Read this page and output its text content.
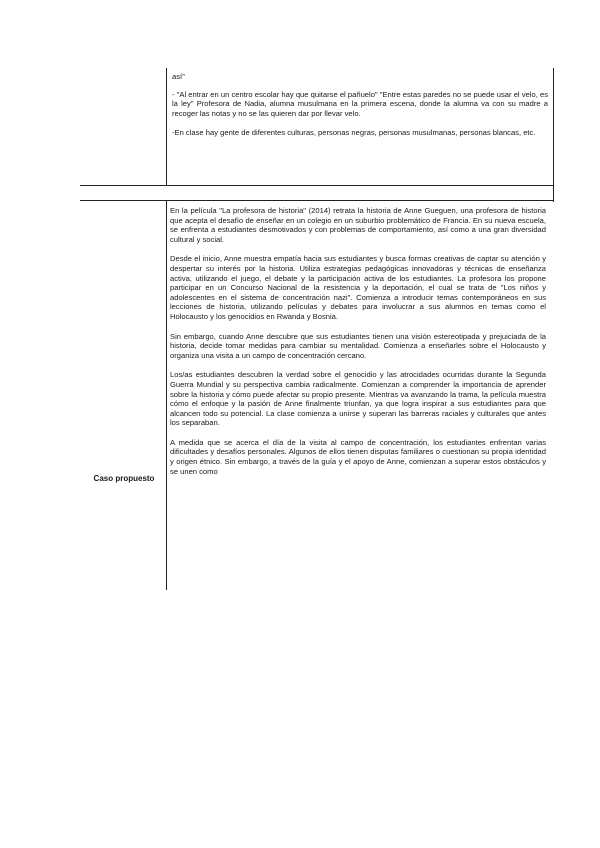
así"

- "Al entrar en un centro escolar hay que quitarse el pañuelo" "Entre estas paredes no se puede usar el velo, es la ley" Profesora de Nadia, alumna musulmana en la primera escena, donde la alumna va con su madre a recoger las notas y no se las quieren dar por llevar velo.

-En clase hay gente de diferentes culturas, personas negras, personas musulmanas, personas blancas, etc.

Caso propuesto

En la película "La profesora de historia" (2014) retrata la historia de Anne Gueguen, una profesora de historia que acepta el desafío de enseñar en un colegio en un suburbio problemático de Francia. En su nueva escuela, se enfrenta a estudiantes desmotivados y con problemas de comportamiento, así como a una gran diversidad cultural y social.

Desde el inicio, Anne muestra empatía hacia sus estudiantes y busca formas creativas de captar su atención y despertar su interés por la historia. Utiliza estrategias pedagógicas innovadoras y técnicas de enseñanza activa, utilizando el juego, el debate y la participación activa de los estudiantes. La profesora los propone participar en un Concurso Nacional de la resistencia y la deportación, el cual se trata de "Los niños y adolescentes en el sistema de concentración nazi". Comienza a introducir temas contemporáneos en sus lecciones de historia, utilizando películas y debates para involucrar a sus alumnos en temas como el Holocausto y los genocidios en Rwanda y Bosnia.

Sin embargo, cuando Anne descubre que sus estudiantes tienen una visión estereotipada y prejuiciada de la historia, decide tomar medidas para cambiar su mentalidad. Comienza a enseñarles sobre el Holocausto y organiza una visita a un campo de concentración cercano.

Los/as estudiantes descubren la verdad sobre el genocidio y las atrocidades ocurridas durante la Segunda Guerra Mundial y su perspectiva cambia radicalmente. Comienzan a comprender la importancia de aprender sobre la historia y cómo puede afectar su propio presente. Mientras va avanzando la trama, la película muestra cómo el enfoque y la pasión de Anne finalmente triunfan, ya que logra inspirar a sus estudiantes para que alcancen todo su potencial. La clase comienza a unirse y superan las barreras raciales y culturales que antes los separaban.

A medida que se acerca el día de la visita al campo de concentración, los estudiantes enfrentan varias dificultades y desafíos personales. Algunos de ellos tienen disputas familiares o cuestionan su propia identidad y origen étnico. Sin embargo, a través de la guía y el apoyo de Anne, comienzan a superar estos obstáculos y se unen como
